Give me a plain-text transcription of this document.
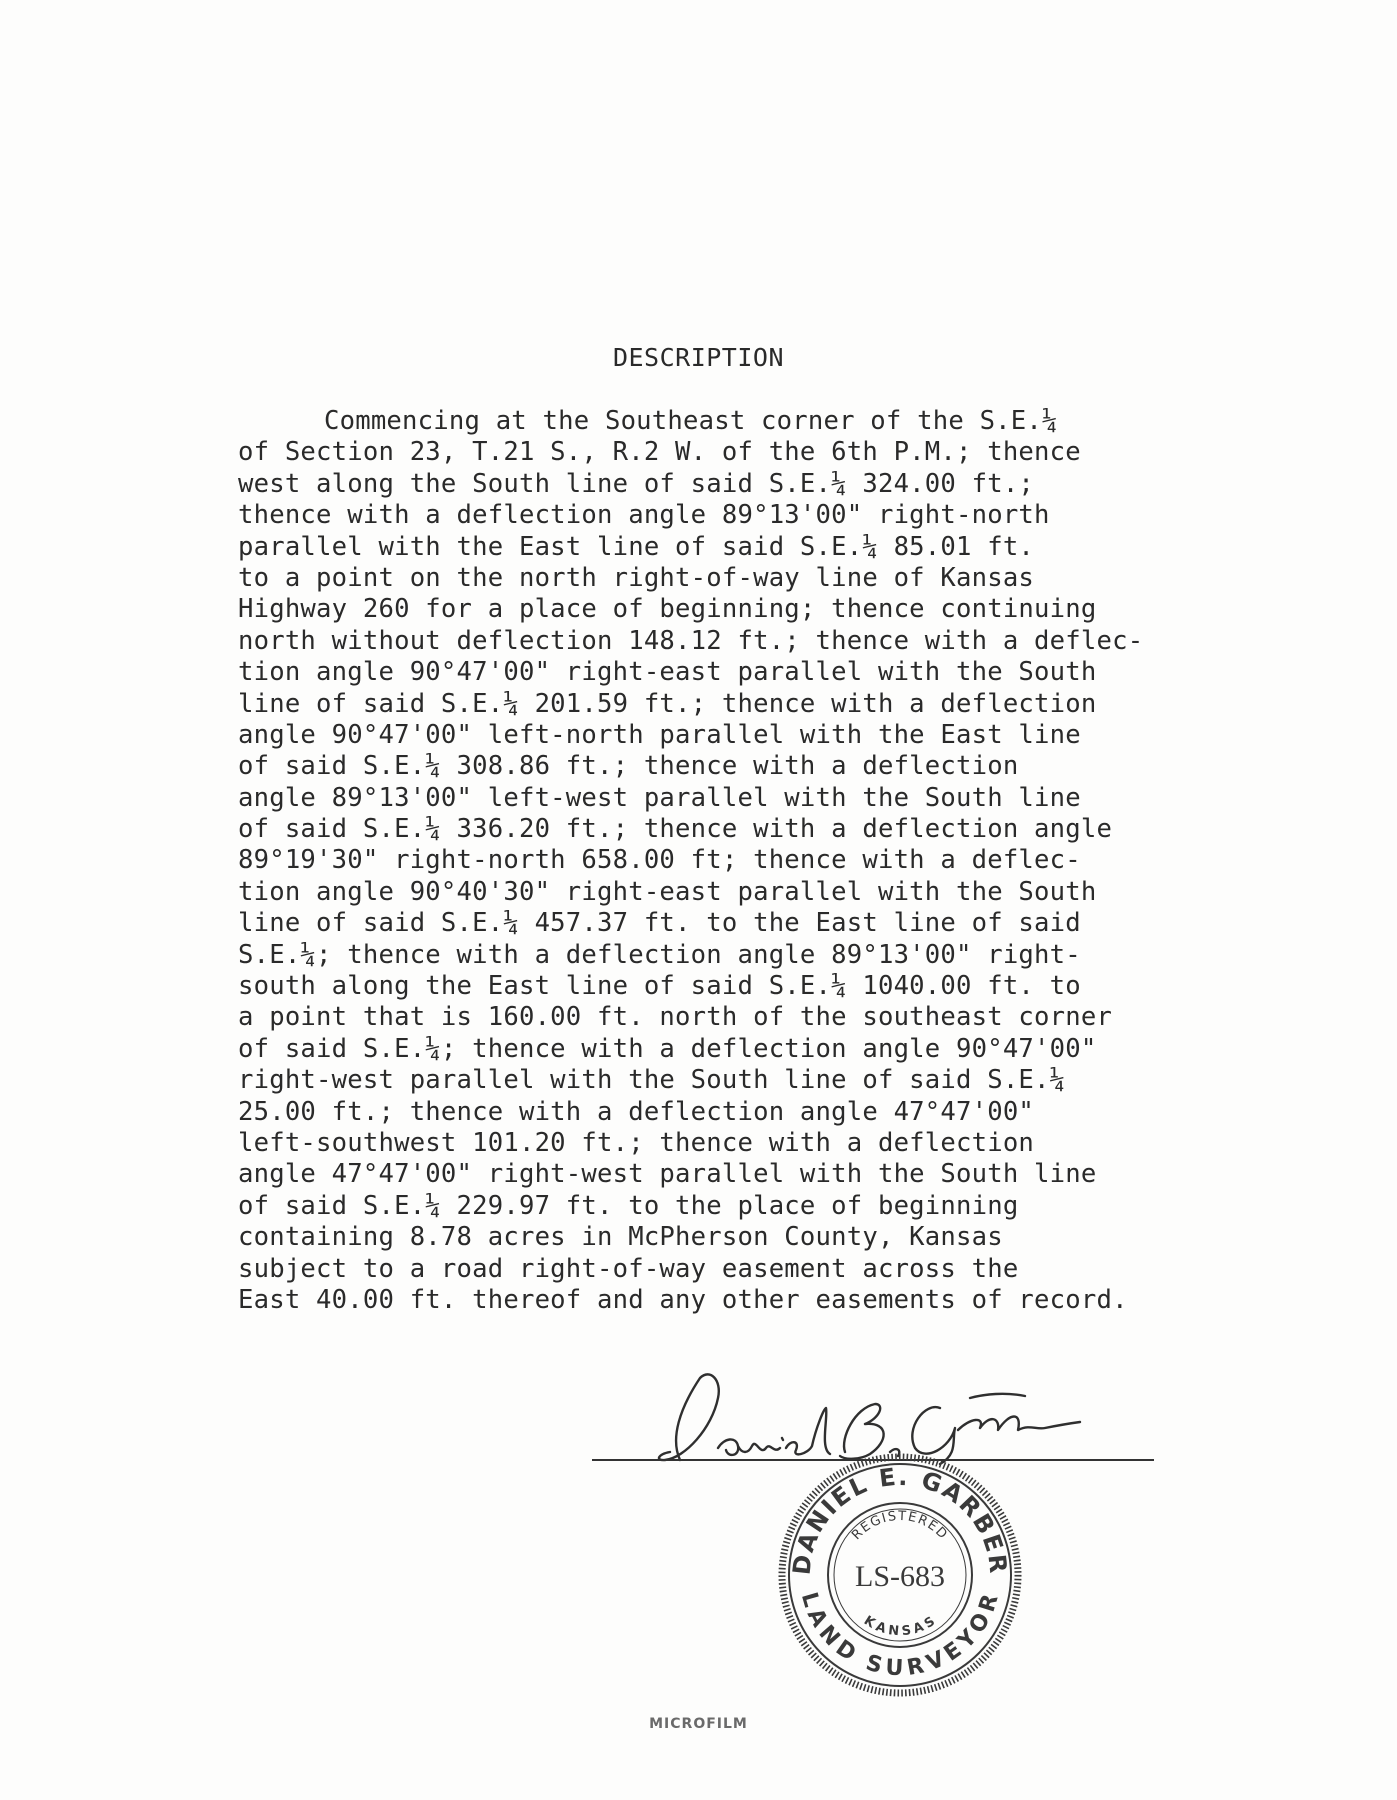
DESCRIPTION
Commencing at the Southeast corner of the S.E.¼
of Section 23, T.21 S., R.2 W. of the 6th P.M.; thence
west along the South line of said S.E.¼ 324.00 ft.;
thence with a deflection angle 89°13'00" right-north
parallel with the East line of said S.E.¼ 85.01 ft.
to a point on the north right-of-way line of Kansas
Highway 260 for a place of beginning; thence continuing
north without deflection 148.12 ft.; thence with a deflec-
tion angle 90°47'00" right-east parallel with the South
line of said S.E.¼ 201.59 ft.; thence with a deflection
angle 90°47'00" left-north parallel with the East line
of said S.E.¼ 308.86 ft.; thence with a deflection
angle 89°13'00" left-west parallel with the South line
of said S.E.¼ 336.20 ft.; thence with a deflection angle
89°19'30" right-north 658.00 ft; thence with a deflec-
tion angle 90°40'30" right-east parallel with the South
line of said S.E.¼ 457.37 ft. to the East line of said
S.E.¼; thence with a deflection angle 89°13'00" right-
south along the East line of said S.E.¼ 1040.00 ft. to
a point that is 160.00 ft. north of the southeast corner
of said S.E.¼; thence with a deflection angle 90°47'00"
right-west parallel with the South line of said S.E.¼
25.00 ft.; thence with a deflection angle 47°47'00"
left-southwest 101.20 ft.; thence with a deflection
angle 47°47'00" right-west parallel with the South line
of said S.E.¼ 229.97 ft. to the place of beginning
containing 8.78 acres in McPherson County, Kansas
subject to a road right-of-way easement across the
East 40.00 ft. thereof and any other easements of record.
DANIEL E. GARBER
LAND SURVEYOR
REGISTERED
KANSAS
LS-683
MICROFILM
